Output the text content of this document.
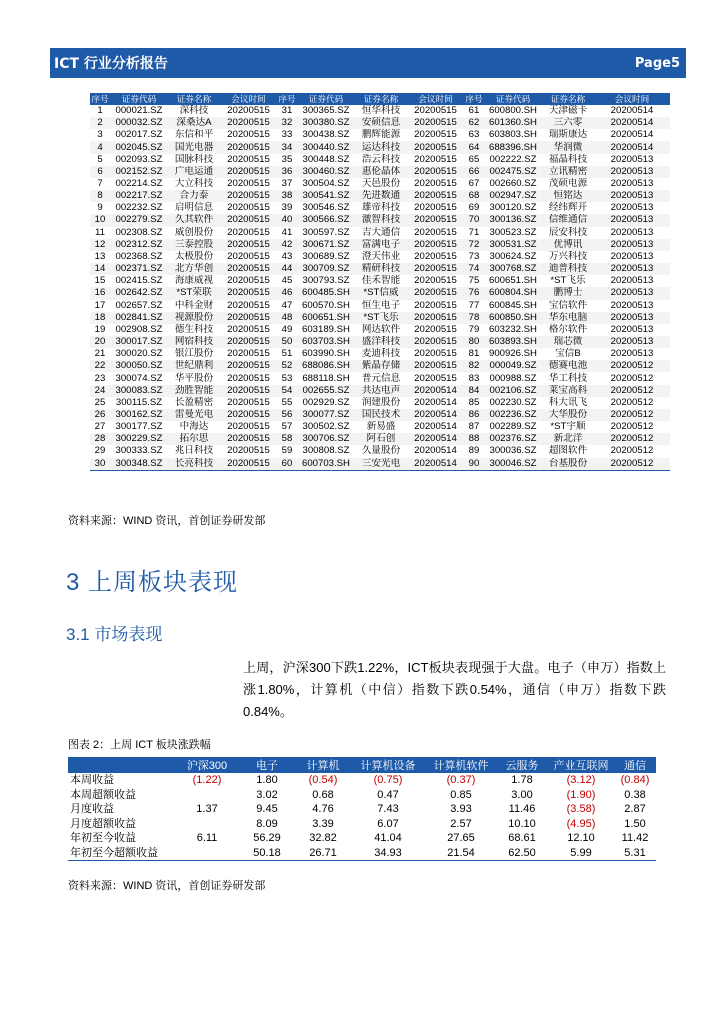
ICT 行业分析报告	Page5
序号	证券代码	证券名称	会议时间	序号	证券代码	证券名称	会议时间	序号	证券代码	证券名称	会议时间
1	000021.SZ	深科技	20200515	31	300365.SZ	恒华科技	20200515	61	600800.SH	天津磁卡	20200514
2	000032.SZ	深桑达A	20200515	32	300380.SZ	安硕信息	20200515	62	601360.SH	三六零	20200514
3	002017.SZ	东信和平	20200515	33	300438.SZ	鹏辉能源	20200515	63	603803.SH	瑞斯康达	20200514
4	002045.SZ	国光电器	20200515	34	300440.SZ	运达科技	20200515	64	688396.SH	华润微	20200514
5	002093.SZ	国脉科技	20200515	35	300448.SZ	浩云科技	20200515	65	002222.SZ	福晶科技	20200513
6	002152.SZ	广电运通	20200515	36	300460.SZ	惠伦晶体	20200515	66	002475.SZ	立讯精密	20200513
7	002214.SZ	大立科技	20200515	37	300504.SZ	天邑股份	20200515	67	002660.SZ	茂硕电源	20200513
8	002217.SZ	合力泰	20200515	38	300541.SZ	先进数通	20200515	68	002947.SZ	恒铭达	20200513
9	002232.SZ	启明信息	20200515	39	300546.SZ	雄帝科技	20200515	69	300120.SZ	经纬辉开	20200513
10	002279.SZ	久其软件	20200515	40	300566.SZ	激智科技	20200515	70	300136.SZ	信维通信	20200513
11	002308.SZ	威创股份	20200515	41	300597.SZ	吉大通信	20200515	71	300523.SZ	辰安科技	20200513
12	002312.SZ	三泰控股	20200515	42	300671.SZ	富满电子	20200515	72	300531.SZ	优博讯	20200513
13	002368.SZ	太极股份	20200515	43	300689.SZ	澄天伟业	20200515	73	300624.SZ	万兴科技	20200513
14	002371.SZ	北方华创	20200515	44	300709.SZ	精研科技	20200515	74	300768.SZ	迪普科技	20200513
15	002415.SZ	海康威视	20200515	45	300793.SZ	佳禾智能	20200515	75	600651.SH	*ST飞乐	20200513
16	002642.SZ	*ST荣联	20200515	46	600485.SH	*ST信威	20200515	76	600804.SH	鹏博士	20200513
17	002657.SZ	中科金财	20200515	47	600570.SH	恒生电子	20200515	77	600845.SH	宝信软件	20200513
18	002841.SZ	视源股份	20200515	48	600651.SH	*ST飞乐	20200515	78	600850.SH	华东电脑	20200513
19	002908.SZ	德生科技	20200515	49	603189.SH	网达软件	20200515	79	603232.SH	格尔软件	20200513
20	300017.SZ	网宿科技	20200515	50	603703.SH	盛洋科技	20200515	80	603893.SH	瑞芯微	20200513
21	300020.SZ	银江股份	20200515	51	603990.SH	麦迪科技	20200515	81	900926.SH	宝信B	20200513
22	300050.SZ	世纪鼎利	20200515	52	688086.SH	紫晶存储	20200515	82	000049.SZ	德赛电池	20200512
23	300074.SZ	华平股份	20200515	53	688118.SH	普元信息	20200515	83	000988.SZ	华工科技	20200512
24	300083.SZ	劲胜智能	20200515	54	002655.SZ	共达电声	20200514	84	002106.SZ	莱宝高科	20200512
25	300115.SZ	长盈精密	20200515	55	002929.SZ	润建股份	20200514	85	002230.SZ	科大讯飞	20200512
26	300162.SZ	雷曼光电	20200515	56	300077.SZ	国民技术	20200514	86	002236.SZ	大华股份	20200512
27	300177.SZ	中海达	20200515	57	300502.SZ	新易盛	20200514	87	002289.SZ	*ST宇顺	20200512
28	300229.SZ	拓尔思	20200515	58	300706.SZ	阿石创	20200514	88	002376.SZ	新北洋	20200512
29	300333.SZ	兆日科技	20200515	59	300808.SZ	久量股份	20200514	89	300036.SZ	超图软件	20200512
30	300348.SZ	长亮科技	20200515	60	600703.SH	三安光电	20200514	90	300046.SZ	台基股份	20200512
资料来源：WIND 资讯，首创证券研发部
3 上周板块表现
3.1 市场表现
上周，沪深300下跌1.22%，ICT板块表现强于大盘。电子（申万）指数上涨1.80%，计算机（中信）指数下跌0.54%，通信（申万）指数下跌0.84%。
图表 2：上周 ICT 板块涨跌幅
	沪深300	电子	计算机	计算机设备	计算机软件	云服务	产业互联网	通信
本周收益	(1.22)	1.80	(0.54)	(0.75)	(0.37)	1.78	(3.12)	(0.84)
本周超额收益		3.02	0.68	0.47	0.85	3.00	(1.90)	0.38
月度收益	1.37	9.45	4.76	7.43	3.93	11.46	(3.58)	2.87
月度超额收益		8.09	3.39	6.07	2.57	10.10	(4.95)	1.50
年初至今收益	6.11	56.29	32.82	41.04	27.65	68.61	12.10	11.42
年初至今超额收益		50.18	26.71	34.93	21.54	62.50	5.99	5.31
资料来源：WIND 资讯，首创证券研发部
